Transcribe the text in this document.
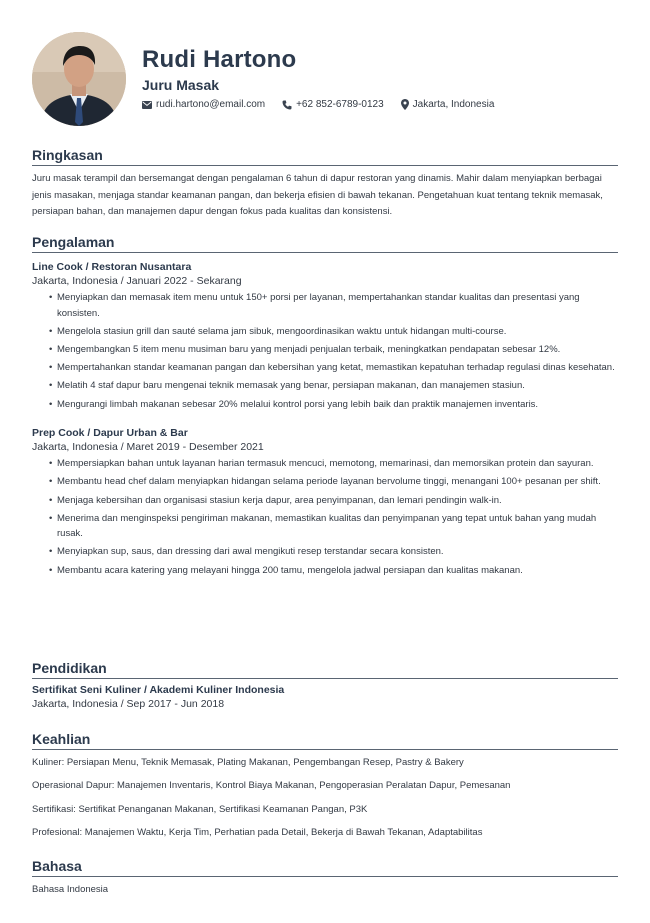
Rudi Hartono
Juru Masak
rudi.hartono@email.com	+62 852-6789-0123	Jakarta, Indonesia
Ringkasan
Juru masak terampil dan bersemangat dengan pengalaman 6 tahun di dapur restoran yang dinamis. Mahir dalam menyiapkan berbagai jenis masakan, menjaga standar keamanan pangan, dan bekerja efisien di bawah tekanan. Pengetahuan kuat tentang teknik memasak, persiapan bahan, dan manajemen dapur dengan fokus pada kualitas dan konsistensi.
Pengalaman
Line Cook / Restoran Nusantara
Jakarta, Indonesia / Januari 2022 - Sekarang
• Menyiapkan dan memasak item menu untuk 150+ porsi per layanan, mempertahankan standar kualitas dan presentasi yang konsisten.
• Mengelola stasiun grill dan sauté selama jam sibuk, mengoordinasikan waktu untuk hidangan multi-course.
• Mengembangkan 5 item menu musiman baru yang menjadi penjualan terbaik, meningkatkan pendapatan sebesar 12%.
• Mempertahankan standar keamanan pangan dan kebersihan yang ketat, memastikan kepatuhan terhadap regulasi dinas kesehatan.
• Melatih 4 staf dapur baru mengenai teknik memasak yang benar, persiapan makanan, dan manajemen stasiun.
• Mengurangi limbah makanan sebesar 20% melalui kontrol porsi yang lebih baik dan praktik manajemen inventaris.
Prep Cook / Dapur Urban & Bar
Jakarta, Indonesia / Maret 2019 - Desember 2021
• Mempersiapkan bahan untuk layanan harian termasuk mencuci, memotong, memarinasi, dan memorsikan protein dan sayuran.
• Membantu head chef dalam menyiapkan hidangan selama periode layanan bervolume tinggi, menangani 100+ pesanan per shift.
• Menjaga kebersihan dan organisasi stasiun kerja dapur, area penyimpanan, dan lemari pendingin walk-in.
• Menerima dan menginspeksi pengiriman makanan, memastikan kualitas dan penyimpanan yang tepat untuk bahan yang mudah rusak.
• Menyiapkan sup, saus, dan dressing dari awal mengikuti resep terstandar secara konsisten.
• Membantu acara katering yang melayani hingga 200 tamu, mengelola jadwal persiapan dan kualitas makanan.
Pendidikan
Sertifikat Seni Kuliner / Akademi Kuliner Indonesia
Jakarta, Indonesia / Sep 2017 - Jun 2018
Keahlian
Kuliner: Persiapan Menu, Teknik Memasak, Plating Makanan, Pengembangan Resep, Pastry & Bakery
Operasional Dapur: Manajemen Inventaris, Kontrol Biaya Makanan, Pengoperasian Peralatan Dapur, Pemesanan
Sertifikasi: Sertifikat Penanganan Makanan, Sertifikasi Keamanan Pangan, P3K
Profesional: Manajemen Waktu, Kerja Tim, Perhatian pada Detail, Bekerja di Bawah Tekanan, Adaptabilitas
Bahasa
Bahasa Indonesia
